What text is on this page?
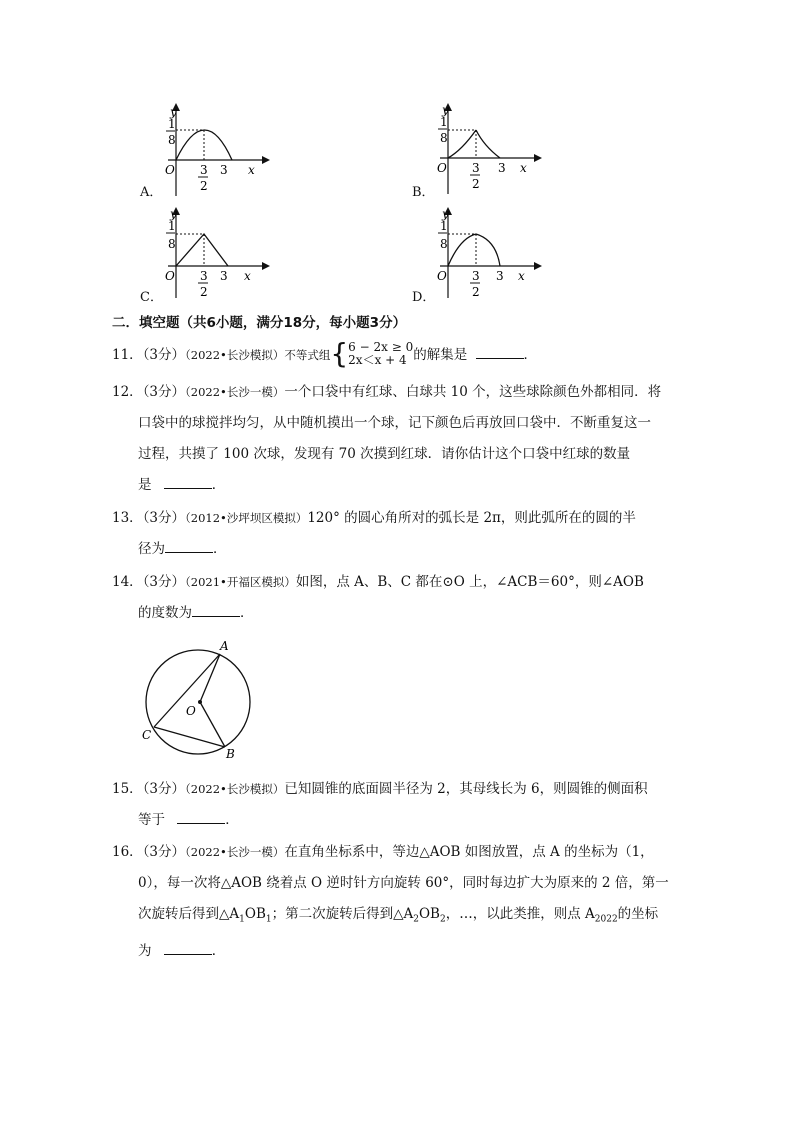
y
1
8
O 3
2
3 x
A．
y
1
8
O 3
2
3 x
B．
y
1
8
O 3
2
3 x
C．
y
1
8
O 3
2
3 x
D．
二．填空题（共6小题，满分18分，每小题3分）
11．（3分）（2022•长沙模拟）不等式组{6 − 2x ≥ 0
2x＜x + 4 的解集是	．
12．（3分）（2022•长沙一模）一个口袋中有红球、白球共 10 个，这些球除颜色外都相同．将
口袋中的球搅拌均匀，从中随机摸出一个球，记下颜色后再放回口袋中．不断重复这一
过程，共摸了 100 次球，发现有 70 次摸到红球．请你估计这个口袋中红球的数量
是	．
13．（3分）（2012•沙坪坝区模拟）120° 的圆心角所对的弧长是 2π，则此弧所在的圆的半
径为	．
14．（3分）（2021•开福区模拟）如图，点 A、B、C 都在⊙O 上，∠ACB＝60°，则∠AOB
的度数为	．
A
B
C
O
15．（3分）（2022•长沙模拟）已知圆锥的底面圆半径为 2，其母线长为 6，则圆锥的侧面积
等于	．
16．（3分）（2022•长沙一模）在直角坐标系中，等边△AOB 如图放置，点 A 的坐标为（1，
0），每一次将△AOB 绕着点 O 逆时针方向旋转 60°，同时每边扩大为原来的 2 倍，第一
次旋转后得到$\triangle A_1OB_1$；第二次旋转后得到$\triangle A_2OB_2$，…，以此类推，则点 $A_{2022}$的坐标
为	．
